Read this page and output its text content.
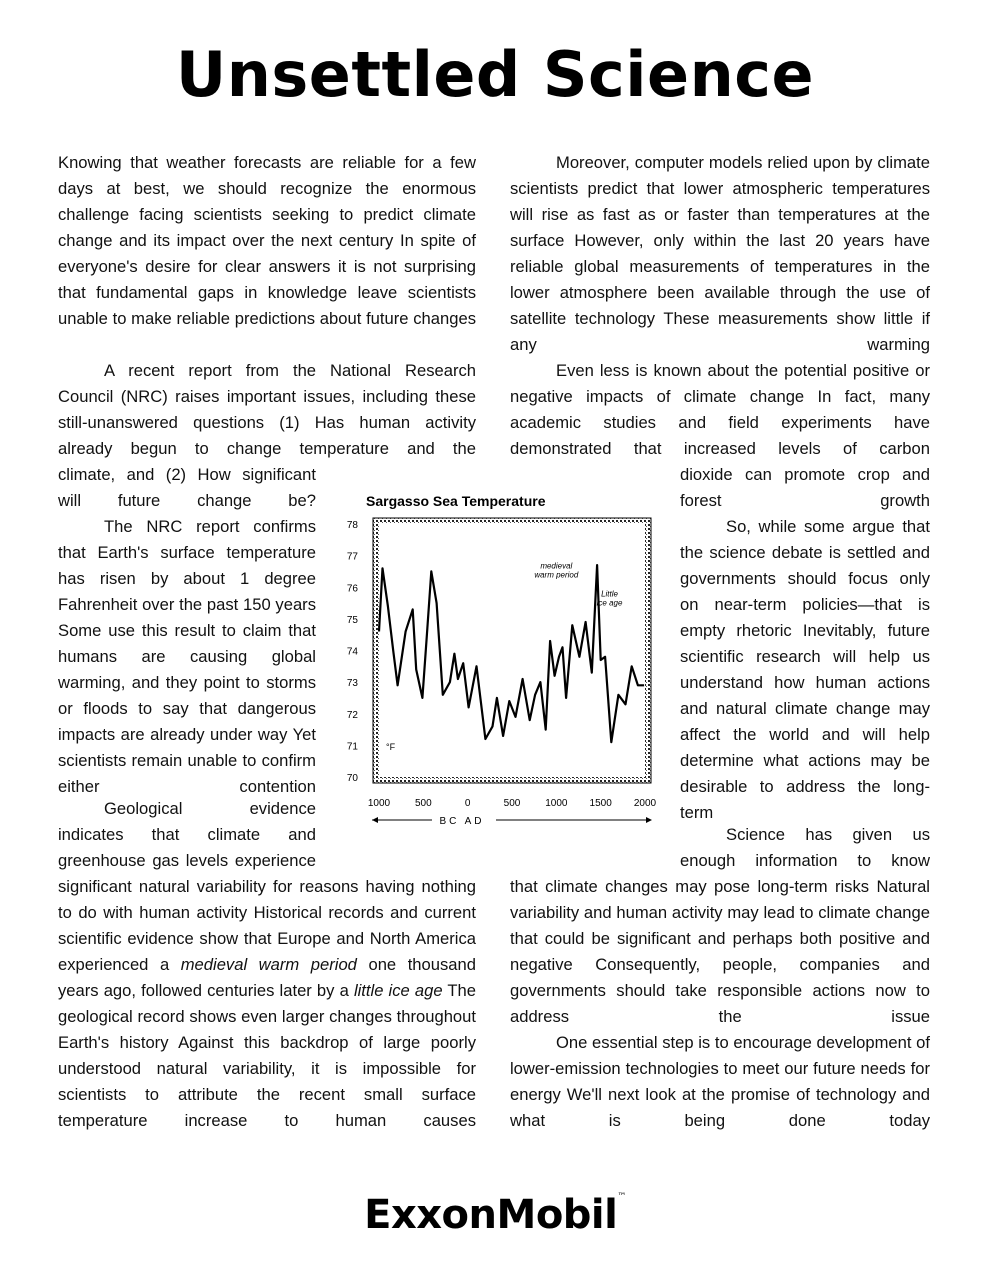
Unsettled Science

Knowing that weather forecasts are reliable for a few days at best, we should recognize the enormous challenge facing scientists seeking to predict climate change and its impact over the next century In spite of everyone's desire for clear answers it is not surprising that fundamental gaps in knowledge leave scientists unable to make reliable predictions about future changes

A recent report from the National Research Council (NRC) raises important issues, including these still-unanswered questions (1) Has human activity already begun to change temperature and the

climate, and (2) How significant will future change be?

The NRC report confirms that Earth's surface temperature has risen by about 1 degree Fahrenheit over the past 150 years Some use this result to claim that humans are causing global warming, and they point to storms or floods to say that dangerous impacts are already under way Yet scientists remain unable to confirm either contention

Geological evidence indicates that climate and greenhouse gas levels experience

significant natural variability for reasons having nothing to do with human activity Historical records and current scientific evidence show that Europe and North America experienced a medieval warm period one thousand years ago, followed centuries later by a little ice age The geological record shows even larger changes throughout Earth's history Against this backdrop of large poorly understood natural variability, it is impossible for scientists to attribute the recent small surface temperature increase to human causes

Moreover, computer models relied upon by climate scientists predict that lower atmospheric temperatures will rise as fast as or faster than temperatures at the surface However, only within the last 20 years have reliable global measurements of temperatures in the lower atmosphere been available through the use of satellite technology These measurements show little if any warming

Even less is known about the potential positive or negative impacts of climate change In fact, many academic studies and field experiments have demonstrated that increased levels of carbon

dioxide can promote crop and forest growth

So, while some argue that the science debate is settled and governments should focus only on near-term policies—that is empty rhetoric Inevitably, future scientific research will help us understand how human actions and natural climate change may affect the world and will help determine what actions may be desirable to address the long-term

Science has given us enough information to know

that climate changes may pose long-term risks Natural variability and human activity may lead to climate change that could be significant and perhaps both positive and negative Consequently, people, companies and governments should take responsible actions now to address the issue

One essential step is to encourage development of lower-emission technologies to meet our future needs for energy We'll next look at the promise of technology and what is being done today

Sargasso Sea Temperature
78
77
76
75
74
73
72
71
70
1000 500	0	500 1000 1500 2000
medieval warm period
Little ice age
°F
BC AD
ExxonMobil™
